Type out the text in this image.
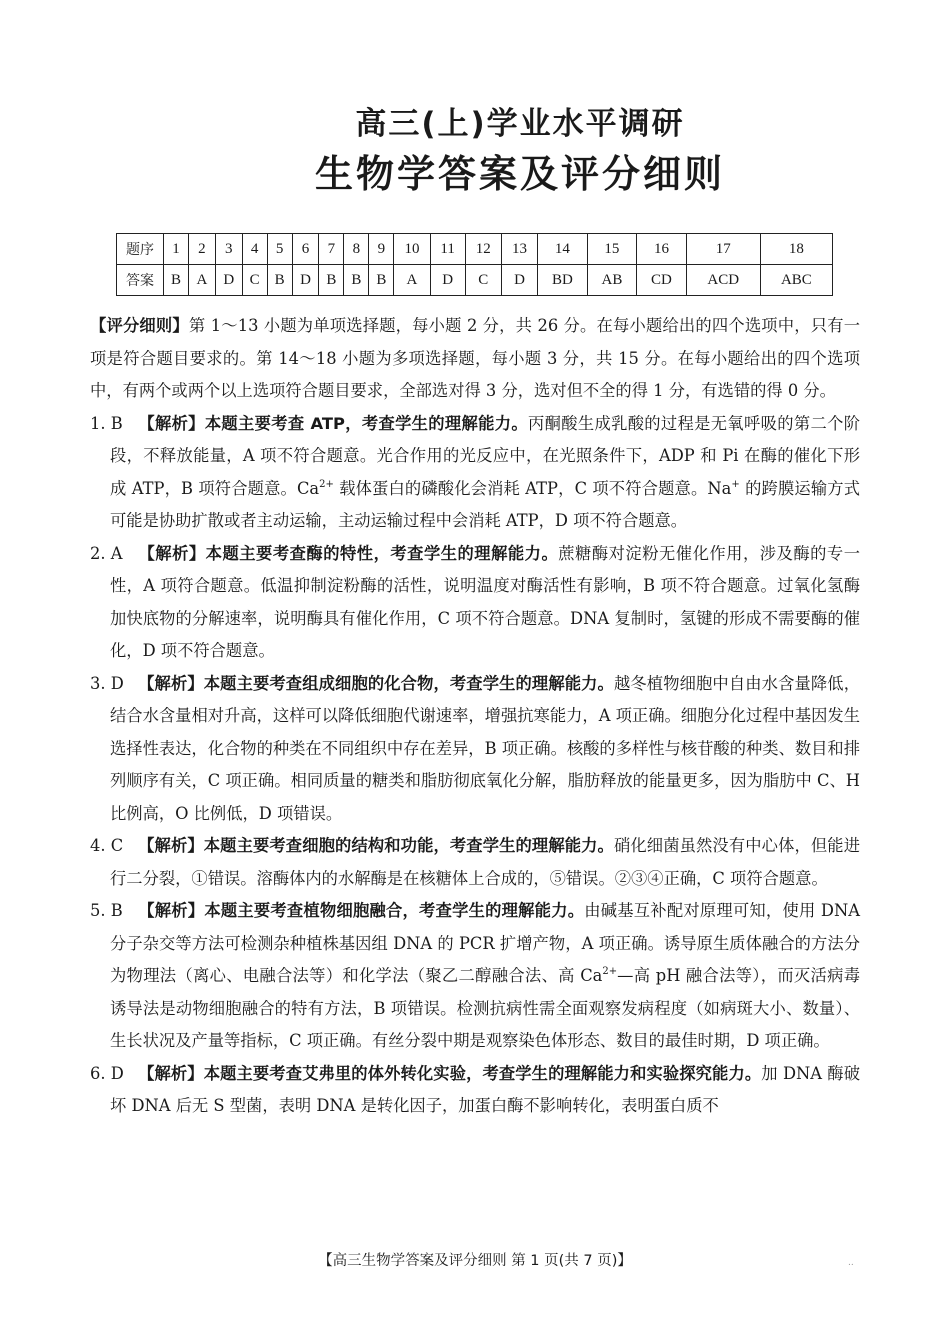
高三(上)学业水平调研
生物学答案及评分细则
题序	1	2	3	4	5	6	7	8	9	10	11	12	13	14	15	16	17	18
答案	B	A	D	C	B	D	B	B	B	A	D	C	D	BD	AB	CD	ACD	ABC

【评分细则】第 1～13 小题为单项选择题，每小题 2 分，共 26 分。在每小题给出的四个选项中，只有一项是符合题目要求的。第 14～18 小题为多项选择题，每小题 3 分，共 15 分。在每小题给出的四个选项中，有两个或两个以上选项符合题目要求，全部选对得 3 分，选对但不全的得 1 分，有选错的得 0 分。

1. B 【解析】本题主要考查 ATP，考查学生的理解能力。丙酮酸生成乳酸的过程是无氧呼吸的第二个阶段，不释放能量，A 项不符合题意。光合作用的光反应中，在光照条件下，ADP 和 Pi 在酶的催化下形成 ATP，B 项符合题意。$Ca^{2+}$ 载体蛋白的磷酸化会消耗 ATP，C 项不符合题意。Na+ 的跨膜运输方式可能是协助扩散或者主动运输，主动运输过程中会消耗 ATP，D 项不符合题意。

2. A 【解析】本题主要考查酶的特性，考查学生的理解能力。蔗糖酶对淀粉无催化作用，涉及酶的专一性，A 项符合题意。低温抑制淀粉酶的活性，说明温度对酶活性有影响，B 项不符合题意。过氧化氢酶加快底物的分解速率，说明酶具有催化作用，C 项不符合题意。DNA 复制时，氢键的形成不需要酶的催化，D 项不符合题意。

3. D 【解析】本题主要考查组成细胞的化合物，考查学生的理解能力。越冬植物细胞中自由水含量降低，结合水含量相对升高，这样可以降低细胞代谢速率，增强抗寒能力，A 项正确。细胞分化过程中基因发生选择性表达，化合物的种类在不同组织中存在差异，B 项正确。核酸的多样性与核苷酸的种类、数目和排列顺序有关，C 项正确。相同质量的糖类和脂肪彻底氧化分解，脂肪释放的能量更多，因为脂肪中 C、H 比例高，O 比例低，D 项错误。

4. C 【解析】本题主要考查细胞的结构和功能，考查学生的理解能力。硝化细菌虽然没有中心体，但能进行二分裂，①错误。溶酶体内的水解酶是在核糖体上合成的，⑤错误。②③④正确，C 项符合题意。

5. B 【解析】本题主要考查植物细胞融合，考查学生的理解能力。由碱基互补配对原理可知，使用 DNA 分子杂交等方法可检测杂种植株基因组 DNA 的 PCR 扩增产物，A 项正确。诱导原生质体融合的方法分为物理法（离心、电融合法等）和化学法（聚乙二醇融合法、高 $Ca^{2+}—$高 pH 融合法等），而灭活病毒诱导法是动物细胞融合的特有方法，B 项错误。检测抗病性需全面观察发病程度（如病斑大小、数量）、生长状况及产量等指标，C 项正确。有丝分裂中期是观察染色体形态、数目的最佳时期，D 项正确。

6. D 【解析】本题主要考查艾弗里的体外转化实验，考查学生的理解能力和实验探究能力。加 DNA 酶破坏 DNA 后无 S 型菌，表明 DNA 是转化因子，加蛋白酶不影响转化，表明蛋白质不

【高三生物学答案及评分细则 第 1 页(共 7 页)】	..
